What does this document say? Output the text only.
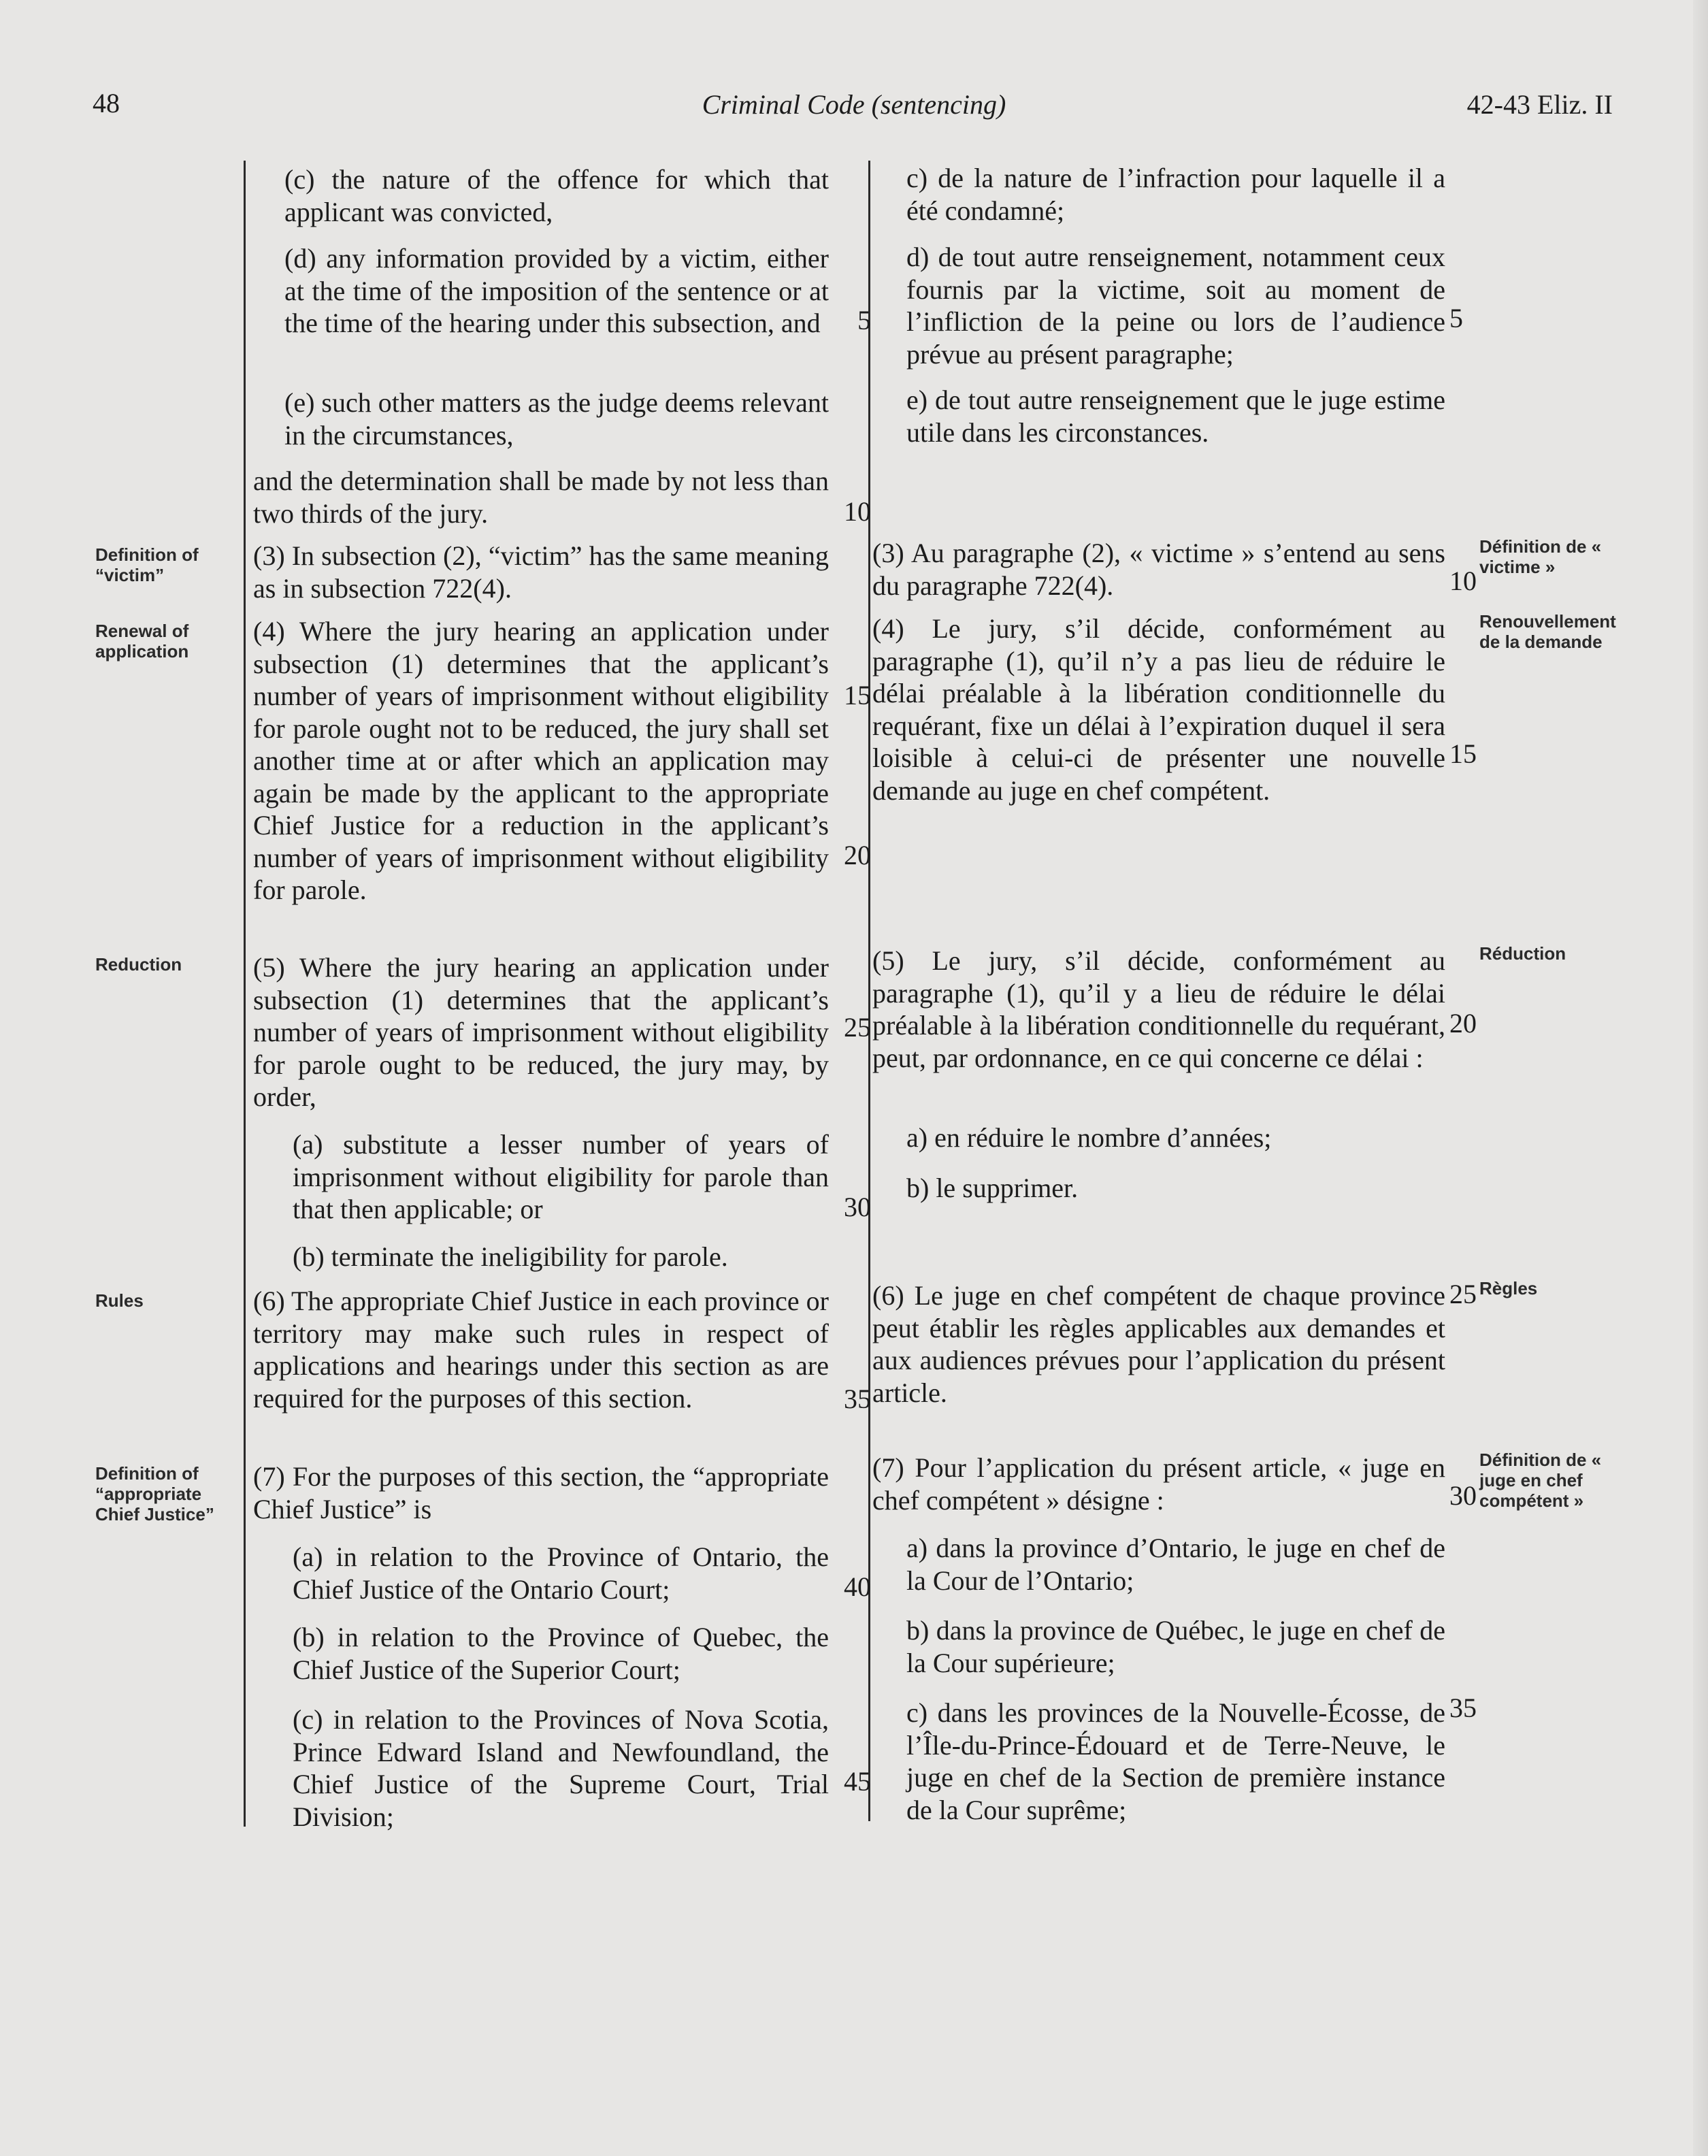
48	Criminal Code (sentencing)	42-43 Eliz. II
(c) the nature of the offence for which that applicant was convicted,
(d) any information provided by a victim, either at the time of the imposition of the sentence or at the time of the hearing under this subsection, and
(e) such other matters as the judge deems relevant in the circumstances,
and the determination shall be made by not less than two thirds of the jury.
(3) In subsection (2), “victim” has the same meaning as in subsection 722(4).
(4) Where the jury hearing an application under subsection (1) determines that the applicant’s number of years of imprisonment without eligibility for parole ought not to be reduced, the jury shall set another time at or after which an application may again be made by the applicant to the appropriate Chief Justice for a reduction in the applicant’s number of years of imprisonment without eligibility for parole.
(5) Where the jury hearing an application under subsection (1) determines that the applicant’s number of years of imprisonment without eligibility for parole ought to be reduced, the jury may, by order,
(a) substitute a lesser number of years of imprisonment without eligibility for parole than that then applicable; or
(b) terminate the ineligibility for parole.
(6) The appropriate Chief Justice in each province or territory may make such rules in respect of applications and hearings under this section as are required for the purposes of this section.
(7) For the purposes of this section, the “appropriate Chief Justice” is
(a) in relation to the Province of Ontario, the Chief Justice of the Ontario Court;
(b) in relation to the Province of Quebec, the Chief Justice of the Superior Court;
(c) in relation to the Provinces of Nova Scotia, Prince Edward Island and Newfoundland, the Chief Justice of the Supreme Court, Trial Division;
c) de la nature de l’infraction pour laquelle il a été condamné;
d) de tout autre renseignement, notamment ceux fournis par la victime, soit au moment de l’infliction de la peine ou lors de l’audience prévue au présent paragraphe;
e) de tout autre renseignement que le juge estime utile dans les circonstances.
(3) Au paragraphe (2), « victime » s’entend au sens du paragraphe 722(4).
(4) Le jury, s’il décide, conformément au paragraphe (1), qu’il n’y a pas lieu de réduire le délai préalable à la libération conditionnelle du requérant, fixe un délai à l’expiration duquel il sera loisible à celui-ci de présenter une nouvelle demande au juge en chef compétent.
(5) Le jury, s’il décide, conformément au paragraphe (1), qu’il y a lieu de réduire le délai préalable à la libération conditionnelle du requérant, peut, par ordonnance, en ce qui concerne ce délai :
a) en réduire le nombre d’années;
b) le supprimer.
(6) Le juge en chef compétent de chaque province peut établir les règles applicables aux demandes et aux audiences prévues pour l’application du présent article.
(7) Pour l’application du présent article, « juge en chef compétent » désigne :
a) dans la province d’Ontario, le juge en chef de la Cour de l’Ontario;
b) dans la province de Québec, le juge en chef de la Cour supérieure;
c) dans les provinces de la Nouvelle-Écosse, de l’Île-du-Prince-Édouard et de Terre-Neuve, le juge en chef de la Section de première instance de la Cour suprême;
5
10
15
20
25
30
35
40
45
5
10
15
20
25
30
35
Definition of “victim”
Renewal of application
Reduction
Rules
Definition of “appropriate Chief Justice”
Définition de « victime »
Renouvellement de la demande
Réduction
Règles
Définition de « juge en chef compétent »
